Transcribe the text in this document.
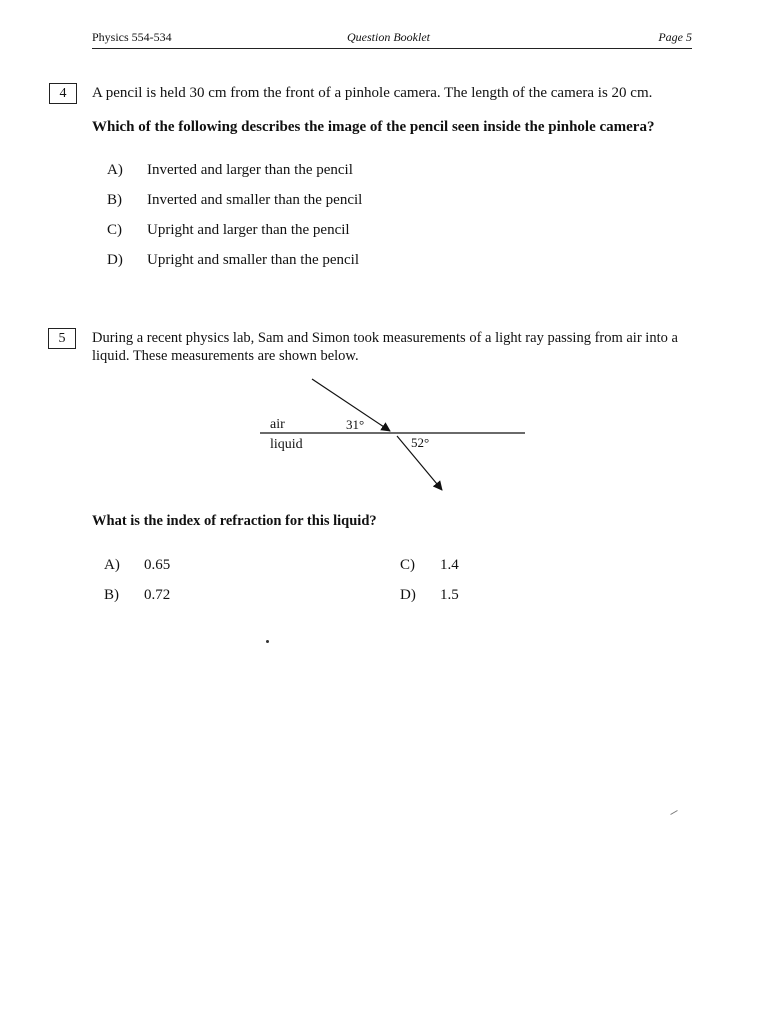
Physics 554-534	Question Booklet	Page 5
4	A pencil is held 30 cm from the front of a pinhole camera. The length of the camera is 20 cm.
Which of the following describes the image of the pencil seen inside the pinhole camera?
A) Inverted and larger than the pencil
B) Inverted and smaller than the pencil
C) Upright and larger than the pencil
D) Upright and smaller than the pencil
5	During a recent physics lab, Sam and Simon took measurements of a light ray passing from air into a
liquid. These measurements are shown below.
air
liquid
31°
52°
What is the index of refraction for this liquid?
A) 0.65
B) 0.72
C) 1.4
D) 1.5
